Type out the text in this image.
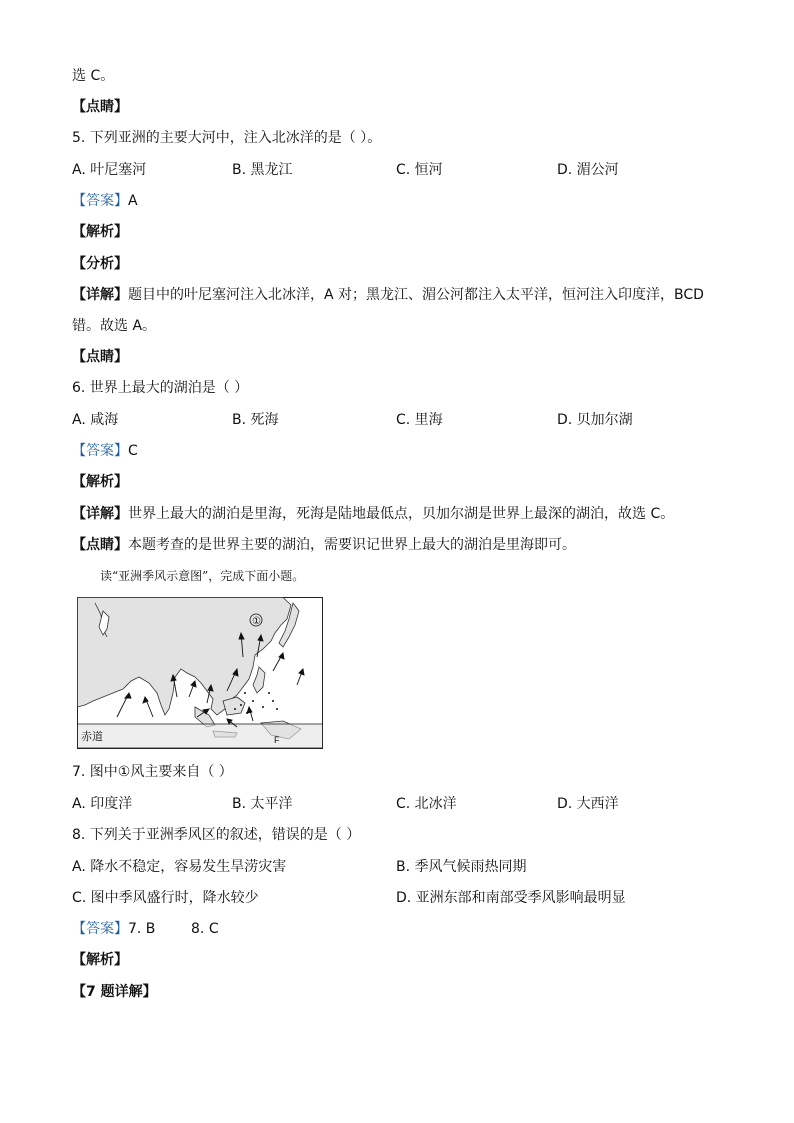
选 C。
【点睛】
5. 下列亚洲的主要大河中，注入北冰洋的是（ ）。
A. 叶尼塞河	B. 黑龙江	C. 恒河	D. 湄公河
【答案】A
【解析】
【分析】
【详解】题目中的叶尼塞河注入北冰洋，A 对；黑龙江、湄公河都注入太平洋，恒河注入印度洋，BCD
错。故选 A。
【点睛】
6. 世界上最大的湖泊是（ ）
A. 咸海	B. 死海	C. 里海	D. 贝加尔湖
【答案】C
【解析】
【详解】世界上最大的湖泊是里海，死海是陆地最低点，贝加尔湖是世界上最深的湖泊，故选 C。
【点睛】本题考查的是世界主要的湖泊，需要识记世界上最大的湖泊是里海即可。
读“亚洲季风示意图”，完成下面小题。
赤道	F
①
7. 图中①风主要来自（ ）
A. 印度洋	B. 太平洋	C. 北冰洋	D. 大西洋
8. 下列关于亚洲季风区的叙述，错误的是（ ）
A. 降水不稳定，容易发生旱涝灾害	B. 季风气候雨热同期
C. 图中季风盛行时，降水较少	D. 亚洲东部和南部受季风影响最明显
【答案】7. B        8. C
【解析】
【7 题详解】
